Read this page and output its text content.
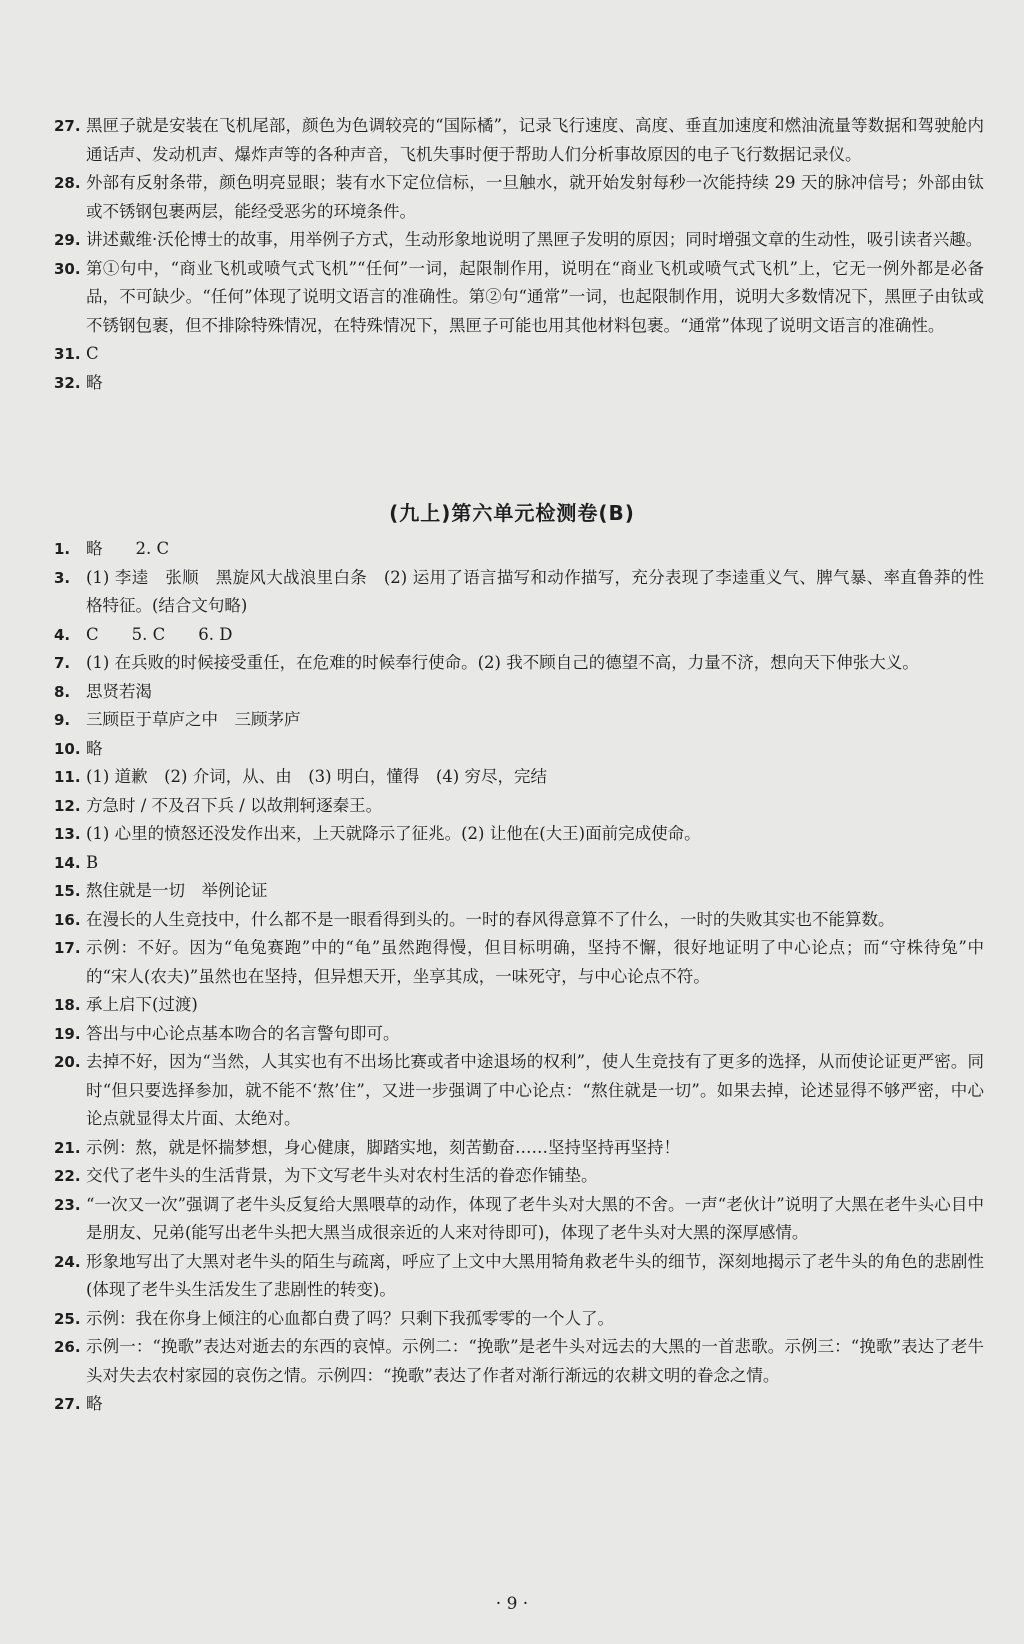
27. 黑匣子就是安装在飞机尾部，颜色为色调较亮的“国际橘”，记录飞行速度、高度、垂直加速度和燃油流量等数据和驾驶舱内通话声、发动机声、爆炸声等的各种声音，飞机失事时便于帮助人们分析事故原因的电子飞行数据记录仪。
28. 外部有反射条带，颜色明亮显眼；装有水下定位信标，一旦触水，就开始发射每秒一次能持续 29 天的脉冲信号；外部由钛或不锈钢包裹两层，能经受恶劣的环境条件。
29. 讲述戴维·沃伦博士的故事，用举例子方式，生动形象地说明了黑匣子发明的原因；同时增强文章的生动性，吸引读者兴趣。
30. 第①句中，“商业飞机或喷气式飞机”“任何”一词，起限制作用，说明在“商业飞机或喷气式飞机”上，它无一例外都是必备品，不可缺少。“任何”体现了说明文语言的准确性。第②句“通常”一词，也起限制作用，说明大多数情况下，黑匣子由钛或不锈钢包裹，但不排除特殊情况，在特殊情况下，黑匣子可能也用其他材料包裹。“通常”体现了说明文语言的准确性。
31. C
32. 略
(九上)第六单元检测卷(B)
1. 略　　2. C
3. (1) 李逵　张顺　黑旋风大战浪里白条　(2) 运用了语言描写和动作描写，充分表现了李逵重义气、脾气暴、率直鲁莽的性格特征。(结合文句略)
4. C　　5. C　　6. D
7. (1) 在兵败的时候接受重任，在危难的时候奉行使命。(2) 我不顾自己的德望不高，力量不济，想向天下伸张大义。
8. 思贤若渴
9. 三顾臣于草庐之中　三顾茅庐
10. 略
11. (1) 道歉　(2) 介词，从、由　(3) 明白，懂得　(4) 穷尽，完结
12. 方急时 / 不及召下兵 / 以故荆轲逐秦王。
13. (1) 心里的愤怒还没发作出来，上天就降示了征兆。(2) 让他在(大王)面前完成使命。
14. B
15. 熬住就是一切　举例论证
16. 在漫长的人生竞技中，什么都不是一眼看得到头的。一时的春风得意算不了什么，一时的失败其实也不能算数。
17. 示例：不好。因为“龟兔赛跑”中的“龟”虽然跑得慢，但目标明确，坚持不懈，很好地证明了中心论点；而“守株待兔”中的“宋人(农夫)”虽然也在坚持，但异想天开，坐享其成，一味死守，与中心论点不符。
18. 承上启下(过渡)
19. 答出与中心论点基本吻合的名言警句即可。
20. 去掉不好，因为“当然，人其实也有不出场比赛或者中途退场的权利”，使人生竞技有了更多的选择，从而使论证更严密。同时“但只要选择参加，就不能不‘熬’住”，又进一步强调了中心论点：“熬住就是一切”。如果去掉，论述显得不够严密，中心论点就显得太片面、太绝对。
21. 示例：熬，就是怀揣梦想，身心健康，脚踏实地，刻苦勤奋……坚持坚持再坚持！
22. 交代了老牛头的生活背景，为下文写老牛头对农村生活的眷恋作铺垫。
23. “一次又一次”强调了老牛头反复给大黑喂草的动作，体现了老牛头对大黑的不舍。一声“老伙计”说明了大黑在老牛头心目中是朋友、兄弟(能写出老牛头把大黑当成很亲近的人来对待即可)，体现了老牛头对大黑的深厚感情。
24. 形象地写出了大黑对老牛头的陌生与疏离，呼应了上文中大黑用犄角救老牛头的细节，深刻地揭示了老牛头的角色的悲剧性(体现了老牛头生活发生了悲剧性的转变)。
25. 示例：我在你身上倾注的心血都白费了吗？只剩下我孤零零的一个人了。
26. 示例一：“挽歌”表达对逝去的东西的哀悼。示例二：“挽歌”是老牛头对远去的大黑的一首悲歌。示例三：“挽歌”表达了老牛头对失去农村家园的哀伤之情。示例四：“挽歌”表达了作者对渐行渐远的农耕文明的眷念之情。
27. 略
· 9 ·
